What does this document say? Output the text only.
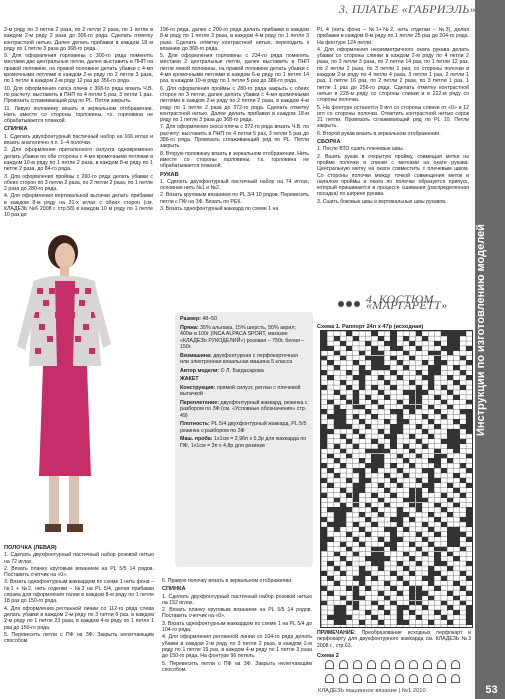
Инструкции по изготовлению моделей
3. ПЛАТЬЕ «ГАБРИЭЛЬ»

2-м ряду по 3 петли 2 раза, по 2 петли 2 раза, по 1 петле в каждом 2-м ряду 2 раза до 306-го ряда. Сделать отметку контрастной нитью. Далее делать прибавки в каждом 18 м ряду по 1 петле 3 раза до 368-го ряда.

9. Для оформления горловины с 300-го ряда поменять местами две центральные петли, далее выставить в ПНП на правой половине, на правой половине делать убавки с 4-мя кромочными петлями в каждом 2-м ряду по 2 петли 3 раза, по 1 петле в каждом 2-м ряду 12 раз до 356-го ряда.

10. Для оформления скоса плеча с 368-го ряда вязать Ч.В. по расчету: выставить в ПНП по 4 петли 5 раз, 3 петли 1 раз. Провязать сглаживающий ряд по PL. Петли закрыть.

11. Левую половинку вязать в зеркальном отображении. Нить вместе со стороны горловины, т.к. горловина не обрабатывается планкой.

СПИНКА

1. Сделать двухфонтурный пастичный набор на 166 иглах и вязать аналогично п.п. 1–4 полочки.

2. Для оформления приталенного силуэта одновременно делать убавки по обе стороны с 4-мя кромочными петлями в каждом 10-м ряду по 1 петле 2 раза, в каждом 8-м ряду по 1 петле 2 раза, до 84-го ряда.

3. Для оформления проймы с 260-го ряда делать убавки с обеих сторон по 3 петли 2 раза, по 2 петли 2 раза, по 1 петле 2 раза до 280-го ряда.

4. Для оформления вертикальной вытачки делать прибавки в каждом 8-м ряду на 31-х иглах с обеих сторон (см. КЛАДЕЗЬ №6 2008 г. стр.58) в каждом 10 м ряду по 1 петле 10 раз до

196-го ряда, далее с 200-го ряда делать прибавки в каждом 8-м ряду по 1 петле 3 раза, в каждом 4-м ряду по 1 петле 3 раза. Сделать отметку контрастной нитью, переходить к вязанию до 368-го ряда.

5. Для оформления горловины с 234-го ряда поменять местами 2 центральные петли, далее выставить в ПНП петли левой половины, на правой половине делать убавки с 4-мя кромочными петлями в каждом 6-м ряду по 1 петле 14 раз, в каждом 10-м ряду по 1 петле 5 раз до 386-го ряда.

6. Для оформления проймы с 280-го ряда закрыть с обеих сторон по 3 петли, далее делать убавки с 4-мя кромочными петлями в каждом 2-м ряду по 2 петли 2 раза, в каждом 4-м ряду по 1 петле 2 раза до 372-го ряда. Сделать отметку контрастной нитью. Далее делать прибавки в каждом 18-м ряду по 1 петле 3 раза до 368-го ряда.

7. Для оформления скоса плеча с 372-го ряда вязать Ч.В. по расчету: выставить в ПНП по 4 петли 5 раз, 3 петли 5 раз до 386-го ряда. Провязать сглаживающий ряд по PL. Петли закрыть.

8. Вторую половинку вязать в зеркальном отображении. Нить вместе со стороны горловины, т.к. горловина не обрабатывается планкой.

РУКАВ

1. Сделать двухфонтурный пастичный набор на 74 иглах, основная нить №1 и №2.

2. Вязать круговым вязанием по PL 3/4 10 рядов. Перевесить петли с ПФ на ЗФ. Вязать по РЕК.

3. Вязать однофонтурный жаккард по схеме 1 на

PL 4 (нить фона – №1+№2, нить отделки – №3), делая прибавки в каждом 8-м ряду по 1 петле 25 раз до 204-го ряда. На фонтуре 124 петли.

4. Для оформления несимметричного оката рукава делать убавки со стороны слинки в каждом 2-м ряду по 4 петли 2 раза, по 3 петли 3 раза, по 2 петли 14 раз, по 1 петле 12 раз, по 2 петли 2 раза, по 3 петли 1 раз; со стороны полочки в каждом 2-м ряду по 4 петли 4 раза, 3 петли 1 раз, 2 петли 1 раз, 1 петле 16 раз, по 2 петли 2 раза, по 3 петли 1 раз, 1 петле 1 раз до 256-го ряда. Сделать отметку контрастной нитью в 228-м ряду со стороны слинки и в 222-м ряду со стороны полочки.

5. На фонтуре останется 9 игл со стороны слинки от «0» и 12 игл со стороны полочки. Отметить контрастной нитью сорок 21 петли. Провязать сглаживающий ряд по PL 10. Петли закрыть.

6. Второй рукав вязать в зеркальном отображении.

СБОРКА

1. После ВТО сшить плечевые швы.

2. Вшить рукав в открытую пройму, совмещая метки на пройме полочки и спинки с метками на окате рукава. Центральную метку на окате совместить с плечевым швом. Со стороны полочки между точкой совмещения меток и началом проймы и оката по полочке образуется припуск, который пришивается в процессе сшивания (распределенная посадка) по ширине рукава.

3. Сшить боковые швы и вертикальные швы рукавов.

4. КОСТЮМ «МАРГАРЕТТ»

Размер: 48–50

Пряжа: 35% альпака, 15% шерсть, 50% акрил; 400м в 100г (INCA ALPACA SPORT, магазин «КЛАДЕЗЬ РУКОДЕЛИЙ») розовая – 750г, белая – 150г.

Вязмашина: двухфонтурная с перфокарточная или электронная вязальная машина 5 класса

Автор модели: © Л. Багдасарова

ЖАКЕТ

Конструкция: прямой силуэт, реглан с плечевой вытачкой

Переплетение: двухфонтурный жаккард, резинка с разбором по ЗФ (см. «Условные обозначения» стр. 49)

Плотность: PL 5/4 двухфонтурный жаккард, PL 5/5 резинка с разбором по ЗФ

Маш. проба: 1х1см = 2,96п х 5,3р для жаккарда по ПФ, 1х1см = 3п х 4,8р для резинки

ПОЛОЧКА (ЛЕВАЯ)

1. Сделать двухфонтурный пастичный набор розовой нитью на 72 иглах.

2. Вязать планку круговым вязанием на PL 5/5 14 рядов. Поставить счетчик на «0».

3. Вязать однофонтурным жаккардом по схеме 1 нить фона – №1 + №2, нить отделки – №3 на PL 5/4, делая прибавки справа для оформления талии в каждом 8-м ряду по 1 петле 18 раз до 150-го ряда.

4. Для оформления регланной линии со 112-го ряда слева делать убавки в каждом 2-м ряду по 3 петли 6 раз, в каждом 2-м ряду по 1 петле 23 раза, в каждом 4-м ряду по 1 петле 1 раз до 150-го ряда.

5. Перевесить петли с ПФ на ЗФ. Закрыть нелегчающим способом.

6. Правую полочку вязать в зеркальном отображении.

СПИНКА

1. Сделать двухфонтурный пастичный набор розовой нитью на 152 иглах.

2. Вязать планку круговым вязанием на PL 5/5 14 рядов. Поставить счетчик на «0».

3. Вязать однофонтурным жаккардом по схеме 1 на PL 5/4 до 104-го ряда.

4. Для оформления регланной линии со 104-го ряда делать убавки в каждом 2-м ряду по 3 петли 2 раза, в каждом 2-м ряду по 1 петле 19 раз, в каждом 4-м ряду по 1 петле 3 раза до 150-го ряда. На фонтуре 96 петель.

5. Перевесить петли с ПФ на ЗФ. Закрыть нелегчающим способом.

Схема 1. Раппорт 24п х 47р (исходная)

ПРИМЕЧАНИЕ: Преобразование исходных перфокарт и перфокарту для двухфонтурного жаккарда см. КЛАДЕЗЬ №3 2008 г., стр.63.

Схема 2
КЛАДЕЗЬ машинное вязание | №1 2010	53
